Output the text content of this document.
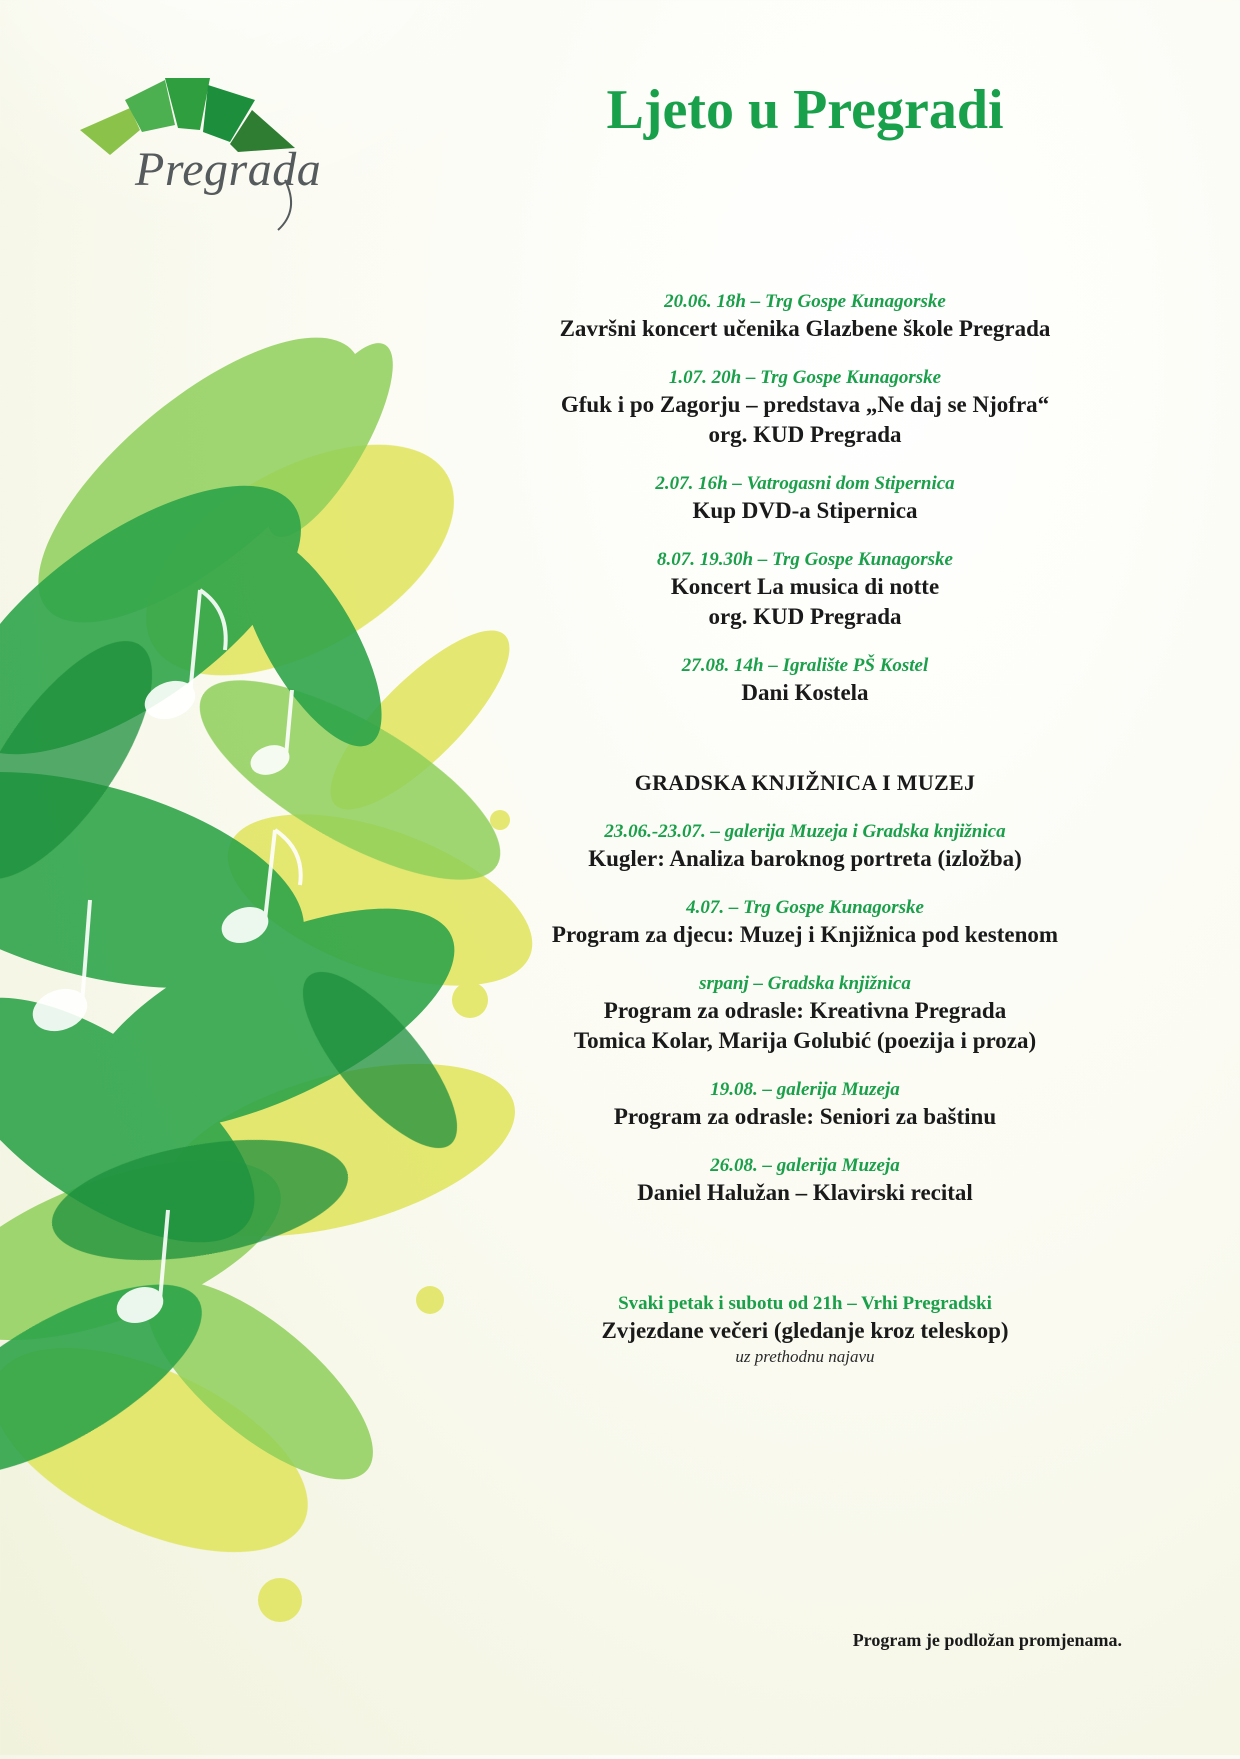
Pregrada
Ljeto u Pregradi
20.06. 18h – Trg Gospe Kunagorske
Završni koncert učenika Glazbene škole Pregrada
1.07. 20h – Trg Gospe Kunagorske
Gfuk i po Zagorju – predstava „Ne daj se Njofra“
org. KUD Pregrada
2.07. 16h – Vatrogasni dom Stipernica
Kup DVD-a Stipernica
8.07. 19.30h – Trg Gospe Kunagorske
Koncert La musica di notte
org. KUD Pregrada
27.08. 14h – Igralište PŠ Kostel
Dani Kostela
GRADSKA KNJIŽNICA I MUZEJ
23.06.-23.07. – galerija Muzeja i Gradska knjižnica
Kugler: Analiza baroknog portreta (izložba)
4.07. – Trg Gospe Kunagorske
Program za djecu: Muzej i Knjižnica pod kestenom
srpanj – Gradska knjižnica
Program za odrasle: Kreativna Pregrada
Tomica Kolar, Marija Golubić (poezija i proza)
19.08. – galerija Muzeja
Program za odrasle: Seniori za baštinu
26.08. – galerija Muzeja
Daniel Halužan – Klavirski recital
Svaki petak i subotu od 21h – Vrhi Pregradski
Zvjezdane večeri (gledanje kroz teleskop)
uz prethodnu najavu
Program je podložan promjenama.
